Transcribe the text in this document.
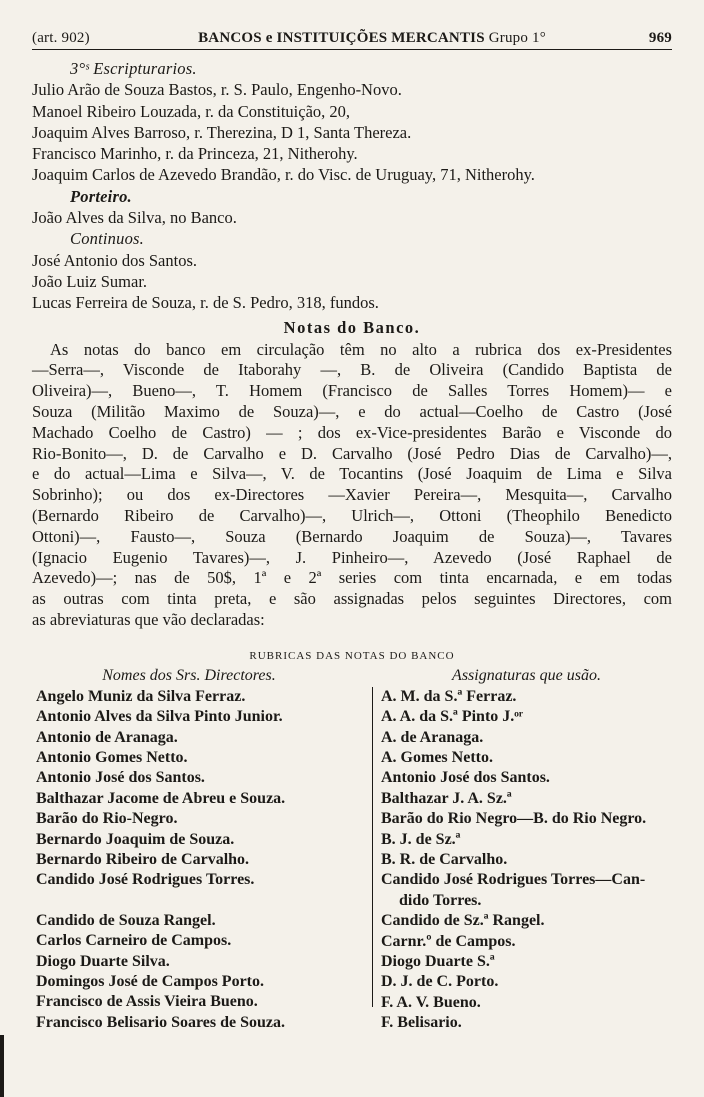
(art. 902)	BANCOS e INSTITUIÇÕES MERCANTIS Grupo 1°	969
3°ˢ Escripturarios.
Julio Arão de Souza Bastos, r. S. Paulo, Engenho-Novo.
Manoel Ribeiro Louzada, r. da Constituição, 20,
Joaquim Alves Barroso, r. Therezina, D 1, Santa Thereza.
Francisco Marinho, r. da Princeza, 21, Nitherohy.
Joaquim Carlos de Azevedo Brandão, r. do Visc. de Uruguay, 71, Nitherohy.
Porteiro.
João Alves da Silva, no Banco.
Continuos.
José Antonio dos Santos.
João Luiz Sumar.
Lucas Ferreira de Souza, r. de S. Pedro, 318, fundos.
Notas do Banco.
As notas do banco em circulação têm no alto a rubrica dos ex-Presidentes
—Serra—, Visconde de Itaborahy —, B. de Oliveira (Candido Baptista de
Oliveira)—, Bueno—, T. Homem (Francisco de Salles Torres Homem)— e
Souza (Militão Maximo de Souza)—, e do actual—Coelho de Castro (José
Machado Coelho de Castro) — ; dos ex-Vice-presidentes Barão e Visconde do
Rio-Bonito—, D. de Carvalho e D. Carvalho (José Pedro Dias de Carvalho)—,
e do actual—Lima e Silva—, V. de Tocantins (José Joaquim de Lima e Silva
Sobrinho); ou dos ex-Directores —Xavier Pereira—, Mesquita—, Carvalho
(Bernardo Ribeiro de Carvalho)—, Ulrich—, Ottoni (Theophilo Benedicto
Ottoni)—, Fausto—, Souza (Bernardo Joaquim de Souza)—, Tavares
(Ignacio Eugenio Tavares)—, J. Pinheiro—, Azevedo (José Raphael de
Azevedo)—; nas de 50$, 1ª e 2ª series com tinta encarnada, e em todas
as outras com tinta preta, e são assignadas pelos seguintes Directores, com
as abreviaturas que vão declaradas:
RUBRICAS DAS NOTAS DO BANCO
Nomes dos Srs. Directores.
Angelo Muniz da Silva Ferraz.
Antonio Alves da Silva Pinto Junior.
Antonio de Aranaga.
Antonio Gomes Netto.
Antonio José dos Santos.
Balthazar Jacome de Abreu e Souza.
Barão do Rio-Negro.
Bernardo Joaquim de Souza.
Bernardo Ribeiro de Carvalho.
Candido José Rodrigues Torres.
Candido de Souza Rangel.
Carlos Carneiro de Campos.
Diogo Duarte Silva.
Domingos José de Campos Porto.
Francisco de Assis Vieira Bueno.
Francisco Belisario Soares de Souza.
Assignaturas que usão.
A. M. da S.ª Ferraz.
A. A. da S.ª Pinto J.ᵒʳ
A. de Aranaga.
A. Gomes Netto.
Antonio José dos Santos.
Balthazar J. A. Sz.ª
Barão do Rio Negro—B. do Rio Negro.
B. J. de Sz.ª
B. R. de Carvalho.
Candido José Rodrigues Torres—Can-
dido Torres.
Candido de Sz.ª Rangel.
Carnr.º de Campos.
Diogo Duarte S.ª
D. J. de C. Porto.
F. A. V. Bueno.
F. Belisario.
